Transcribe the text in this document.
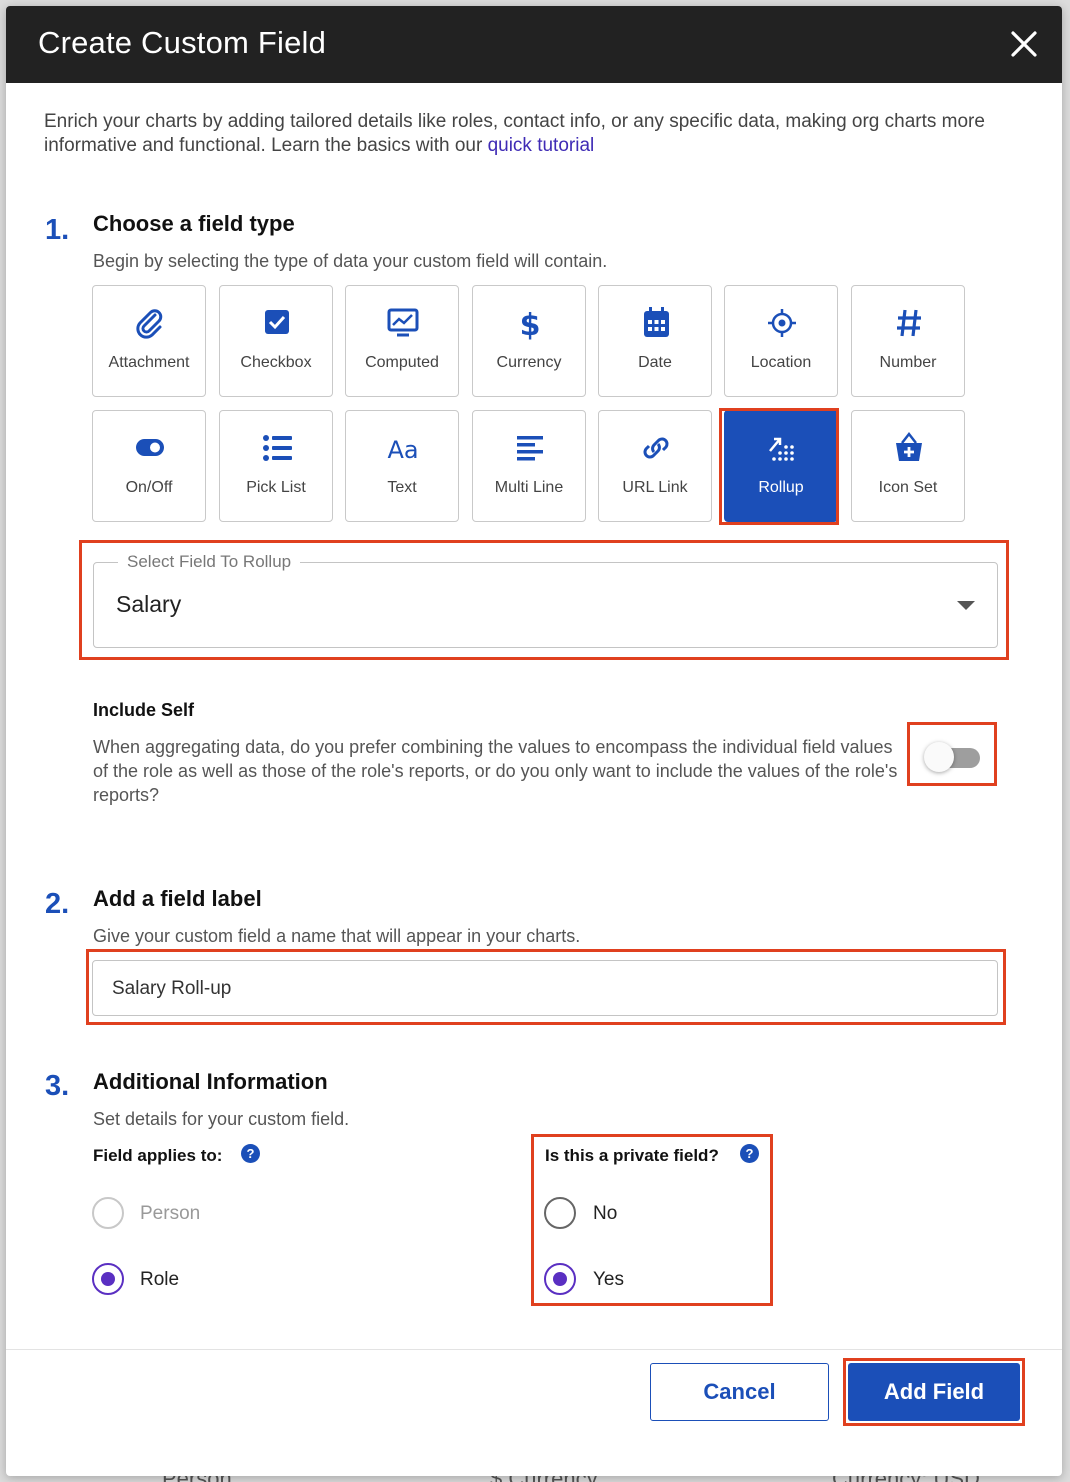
Create Custom Field
Enrich your charts by adding tailored details like roles, contact info, or any specific data, making org charts more informative and functional. Learn the basics with our quick tutorial
1. Choose a field type
Begin by selecting the type of data your custom field will contain.
Attachment	Checkbox	Computed
$
Currency	Date	Location	Number
On/Off	Pick List
Aa
Text	Multi Line	URL Link	Rollup	Icon Set
Select Field To Rollup
Salary
Include Self
When aggregating data, do you prefer combining the values to encompass the individual field values of the role as well as those of the role's reports, or do you only want to include the values of the role's reports?
2. Add a field label
Give your custom field a name that will appear in your charts.
Salary Roll-up
3. Additional Information
Set details for your custom field.
Field applies to:	?
Person
Role
Is this a private field?	?
No
Yes
Cancel	Add Field
